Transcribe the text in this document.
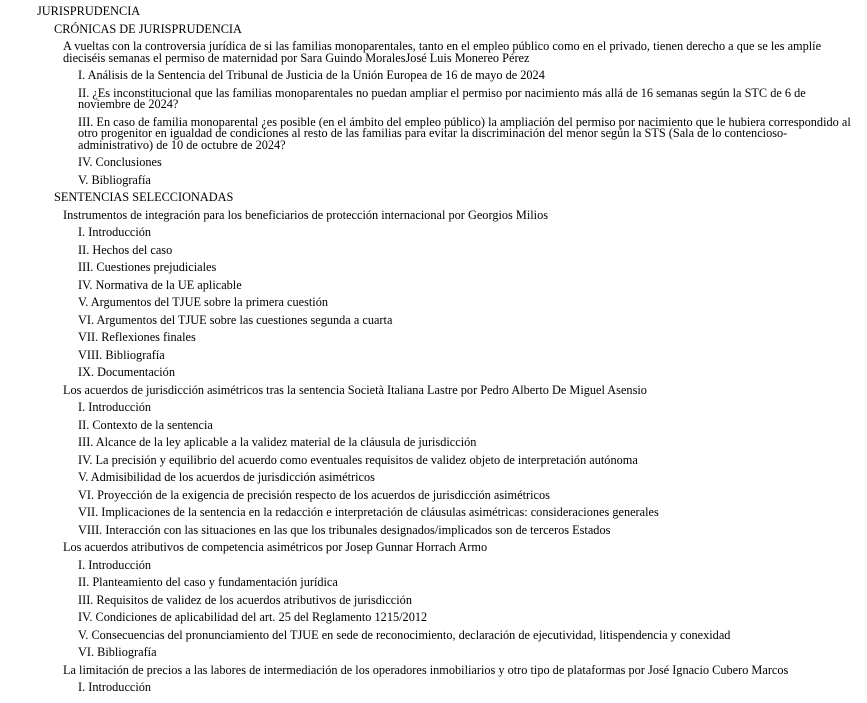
JURISPRUDENCIA
CRÓNICAS DE JURISPRUDENCIA
A vueltas con la controversia jurídica de si las familias monoparentales, tanto en el empleo público como en el privado, tienen derecho a que se les amplíe dieciséis semanas el permiso de maternidad por Sara Guindo MoralesJosé Luis Monereo Pérez
I. Análisis de la Sentencia del Tribunal de Justicia de la Unión Europea de 16 de mayo de 2024
II. ¿Es inconstitucional que las familias monoparentales no puedan ampliar el permiso por nacimiento más allá de 16 semanas según la STC de 6 de noviembre de 2024?
III. En caso de familia monoparental ¿es posible (en el ámbito del empleo público) la ampliación del permiso por nacimiento que le hubiera correspondido al otro progenitor en igualdad de condiciones al resto de las familias para evitar la discriminación del menor según la STS (Sala de lo contencioso-administrativo) de 10 de octubre de 2024?
IV. Conclusiones
V. Bibliografía
SENTENCIAS SELECCIONADAS
Instrumentos de integración para los beneficiarios de protección internacional por Georgios Milios
I. Introducción
II. Hechos del caso
III. Cuestiones prejudiciales
IV. Normativa de la UE aplicable
V. Argumentos del TJUE sobre la primera cuestión
VI. Argumentos del TJUE sobre las cuestiones segunda a cuarta
VII. Reflexiones finales
VIII. Bibliografía
IX. Documentación
Los acuerdos de jurisdicción asimétricos tras la sentencia Società Italiana Lastre por Pedro Alberto De Miguel Asensio
I. Introducción
II. Contexto de la sentencia
III. Alcance de la ley aplicable a la validez material de la cláusula de jurisdicción
IV. La precisión y equilibrio del acuerdo como eventuales requisitos de validez objeto de interpretación autónoma
V. Admisibilidad de los acuerdos de jurisdicción asimétricos
VI. Proyección de la exigencia de precisión respecto de los acuerdos de jurisdicción asimétricos
VII. Implicaciones de la sentencia en la redacción e interpretación de cláusulas asimétricas: consideraciones generales
VIII. Interacción con las situaciones en las que los tribunales designados/implicados son de terceros Estados
Los acuerdos atributivos de competencia asimétricos por Josep Gunnar Horrach Armo
I. Introducción
II. Planteamiento del caso y fundamentación jurídica
III. Requisitos de validez de los acuerdos atributivos de jurisdicción
IV. Condiciones de aplicabilidad del art. 25 del Reglamento 1215/2012
V. Consecuencias del pronunciamiento del TJUE en sede de reconocimiento, declaración de ejecutividad, litispendencia y conexidad
VI. Bibliografía
La limitación de precios a las labores de intermediación de los operadores inmobiliarios y otro tipo de plataformas por José Ignacio Cubero Marcos
I. Introducción
